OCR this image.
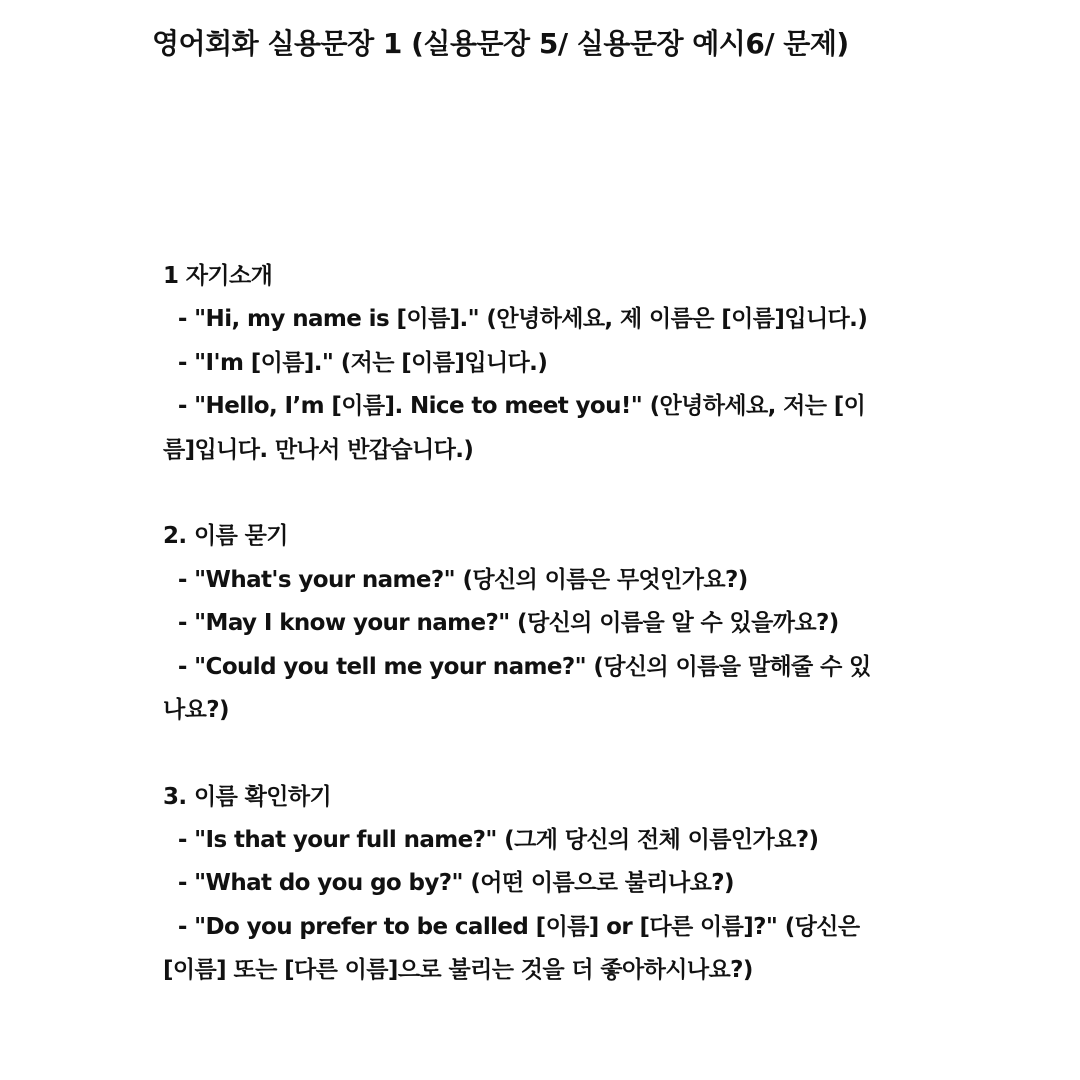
영어회화 실용문장 1 (실용문장 5/ 실용문장 예시6/ 문제)
1 자기소개
- "Hi, my name is [이름]." (안녕하세요, 제 이름은 [이름]입니다.)
- "I'm [이름]." (저는 [이름]입니다.)
- "Hello, I’m [이름]. Nice to meet you!" (안녕하세요, 저는 [이
름]입니다. 만나서 반갑습니다.)
2. 이름 묻기
- "What's your name?" (당신의 이름은 무엇인가요?)
- "May I know your name?" (당신의 이름을 알 수 있을까요?)
- "Could you tell me your name?" (당신의 이름을 말해줄 수 있
나요?)
3. 이름 확인하기
- "Is that your full name?" (그게 당신의 전체 이름인가요?)
- "What do you go by?" (어떤 이름으로 불리나요?)
- "Do you prefer to be called [이름] or [다른 이름]?" (당신은
[이름] 또는 [다른 이름]으로 불리는 것을 더 좋아하시나요?)
